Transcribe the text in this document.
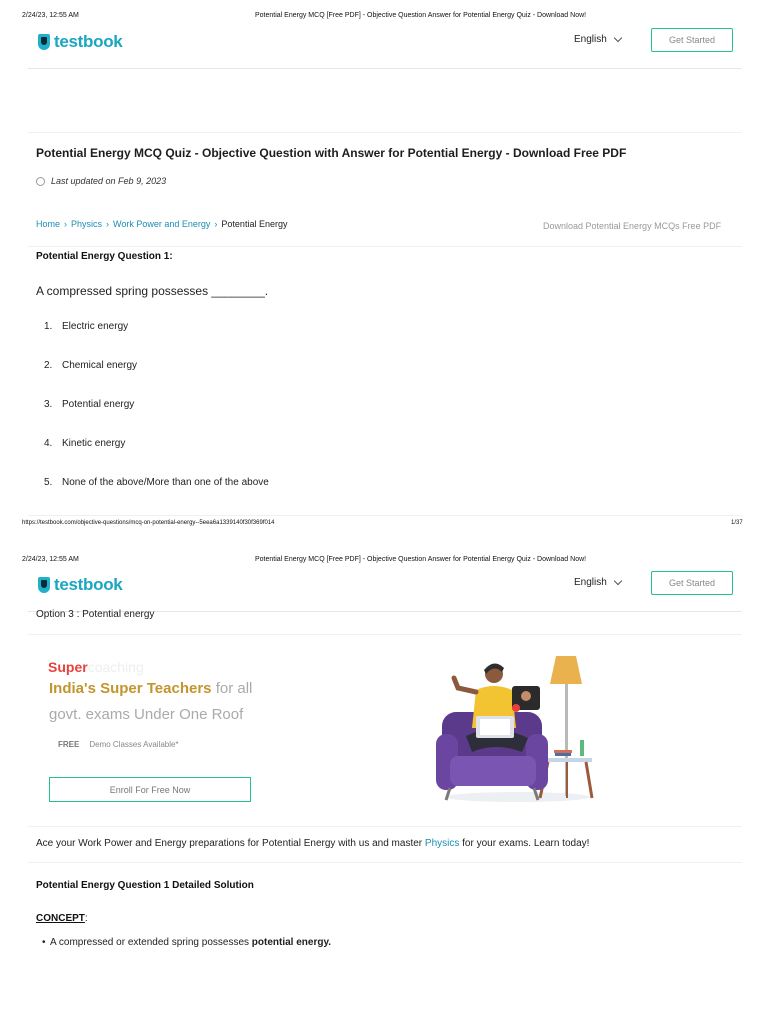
2/24/23, 12:55 AM	Potential Energy MCQ [Free PDF] - Objective Question Answer for Potential Energy Quiz - Download Now!
testbook	English	Get Started
Potential Energy MCQ Quiz - Objective Question with Answer for Potential Energy - Download Free PDF
Last updated on Feb 9, 2023
Home › Physics › Work Power and Energy › Potential Energy	Download Potential Energy MCQs Free PDF
Potential Energy Question 1:
A compressed spring possesses ________.
1. Electric energy
2. Chemical energy
3. Potential energy
4. Kinetic energy
5. None of the above/More than one of the above
https://testbook.com/objective-questions/mcq-on-potential-energy--5eea6a1339140f30f369f014	1/37
2/24/23, 12:55 AM	Potential Energy MCQ [Free PDF] - Objective Question Answer for Potential Energy Quiz - Download Now!
testbook	English	Get Started
Option 3 : Potential energy
Supercoaching
India's Super Teachers for all
govt. exams Under One Roof
FREE Demo Classes Available*
Enroll For Free Now
Ace your Work Power and Energy preparations for Potential Energy with us and master Physics for your exams. Learn today!
Potential Energy Question 1 Detailed Solution
CONCEPT:
• A compressed or extended spring possesses potential energy.
